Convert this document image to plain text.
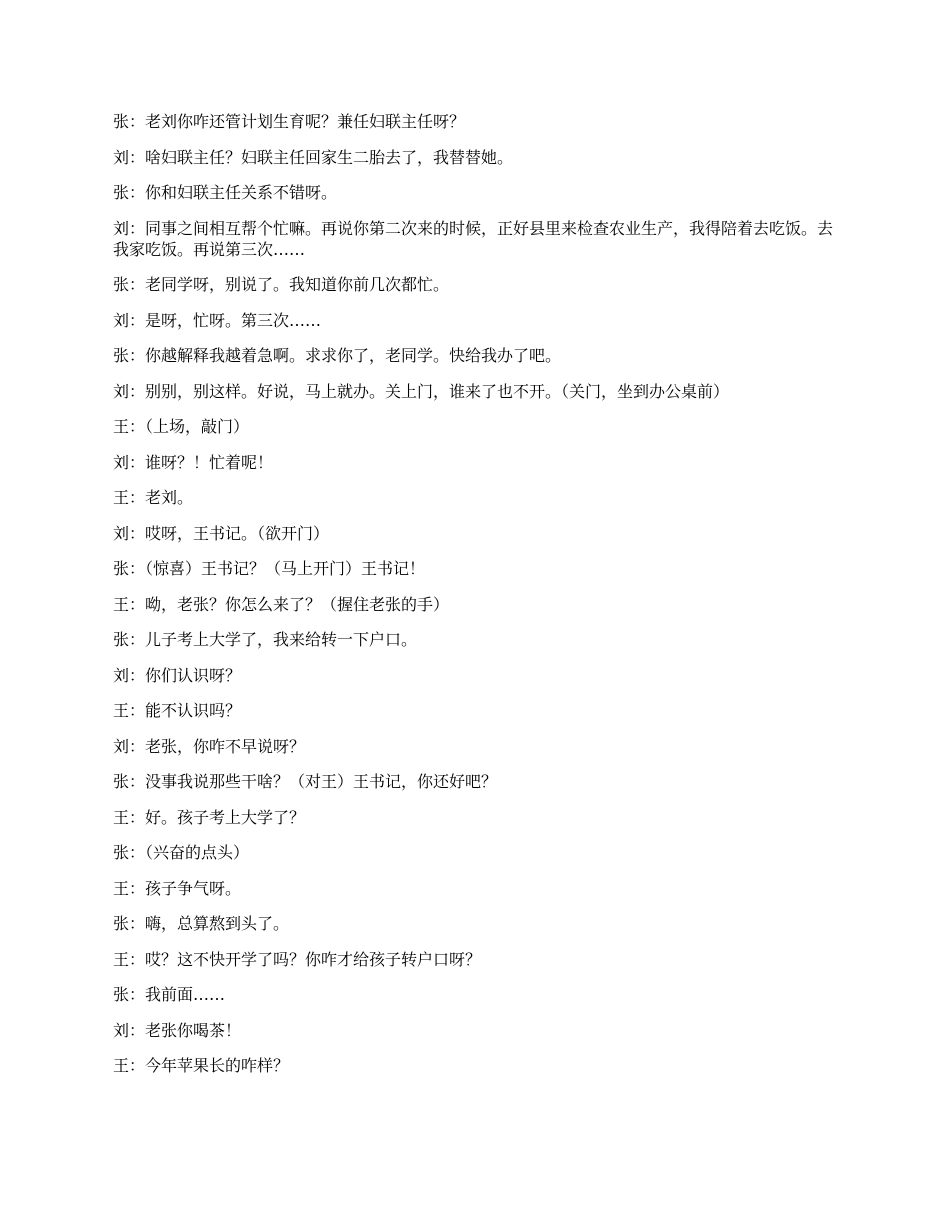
张：老刘你咋还管计划生育呢？兼任妇联主任呀？
刘：啥妇联主任？妇联主任回家生二胎去了，我替替她。
张：你和妇联主任关系不错呀。
刘：同事之间相互帮个忙嘛。再说你第二次来的时候，正好县里来检查农业生产，我得陪着去吃饭。去我家吃饭。再说第三次……
张：老同学呀，别说了。我知道你前几次都忙。
刘：是呀，忙呀。第三次……
张：你越解释我越着急啊。求求你了，老同学。快给我办了吧。
刘：别别，别这样。好说，马上就办。关上门，谁来了也不开。（关门，坐到办公桌前）
王：（上场，敲门）
刘：谁呀？！忙着呢！
王：老刘。
刘：哎呀，王书记。（欲开门）
张：（惊喜）王书记？（马上开门）王书记！
王：呦，老张？你怎么来了？（握住老张的手）
张：儿子考上大学了，我来给转一下户口。
刘：你们认识呀？
王：能不认识吗？
刘：老张，你咋不早说呀？
张：没事我说那些干啥？（对王）王书记，你还好吧？
王：好。孩子考上大学了？
张：（兴奋的点头）
王：孩子争气呀。
张：嗨，总算熬到头了。
王：哎？这不快开学了吗？你咋才给孩子转户口呀？
张：我前面……
刘：老张你喝茶！
王：今年苹果长的咋样？
